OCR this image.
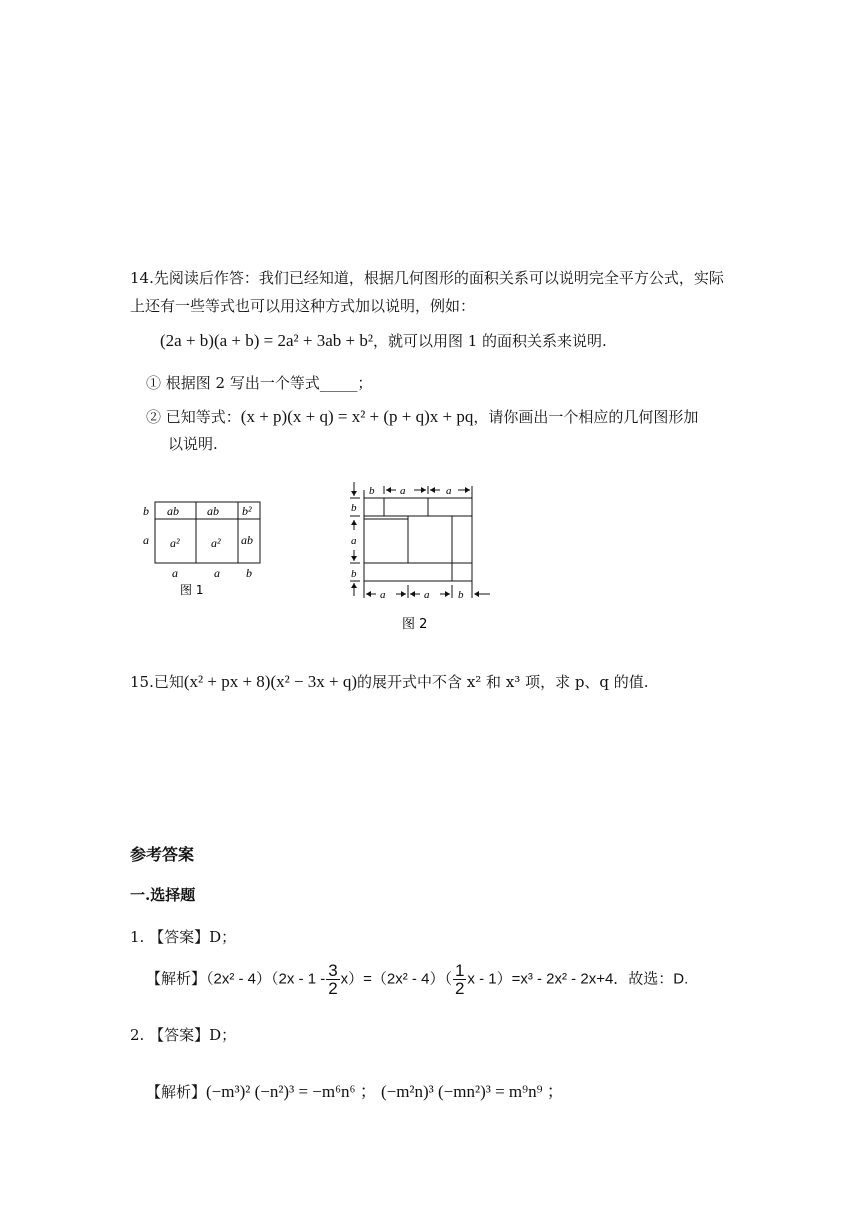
14.先阅读后作答：我们已经知道，根据几何图形的面积关系可以说明完全平方公式，实际
上还有一些等式也可以用这种方式加以说明，例如：
(2a + b)(a + b) = 2a² + 3ab + b²，就可以用图 1 的面积关系来说明.
① 根据图 2 写出一个等式_____；
② 已知等式：(x + p)(x + q) = x² + (p + q)x + pq，请你画出一个相应的几何图形加
以说明.
b
a
ab ab b²
a²	a² ab
a	a b
图 1
b a	a
b
b
a
a	a	b
图 2
15.已知(x² + px + 8)(x² − 3x + q)的展开式中不含 x² 和 x³ 项，求 p、q 的值.
参考答案
一.选择题
1. 【答案】D；
【解析】$(2x^2 - 4)(2x - 1 - \frac{3}{2} x)=(2x^2 - 4)( \frac{1}{2}$ x - 1）=x³ - 2x² - 2x+4．故选：D.
2. 【答案】D；
【解析】(−m³)² (−n²)³ = −m⁶n⁶ ； (−m²n)³ (−mn²)³ = m⁹n⁹ ；
